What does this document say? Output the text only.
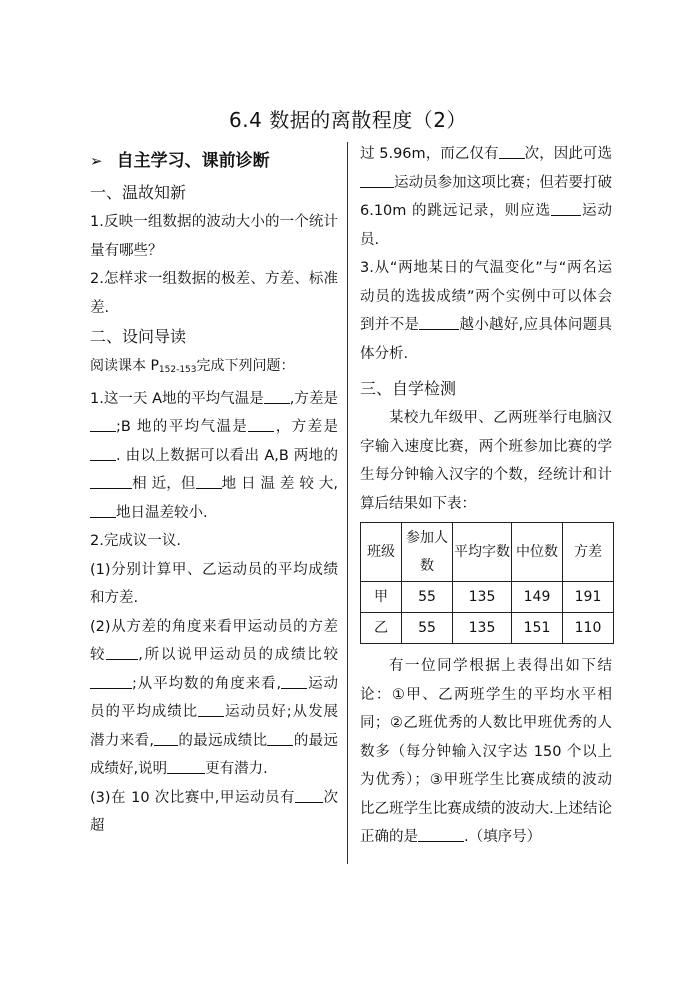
6.4 数据的离散程度（2）

➢ 自主学习、课前诊断

一、温故知新

1.反映一组数据的波动大小的一个统计量有哪些？

2.怎样求一组数据的极差、方差、标准差.

二、设问导读

阅读课本 $P_{152-153}$完成下列问题：

1.这一天 A地的平均气温是 ,方差是;B 地的平均气温是 ，方差是. 由以上数据可以看出 A,B 两地的相 近，但 地 日 温 差 较 大,地日温差较小.

2.完成议一议.

(1)分别计算甲、乙运动员的平均成绩和方差.

(2)从方差的角度来看甲运动员的方差较 ,所以说甲运动员的成绩比较;从平均数的角度来看, 运动员的平均成绩比 运动员好;从发展潜力来看, 的最远成绩比 的最远成绩好,说明	更有潜力.

(3)在 10 次比赛中,甲运动员有 次超

过 5.96m，而乙仅有 次，因此可选运动员参加这项比赛；但若要打破 6.10m 的跳远记录，则应选 运动员.

3.从“两地某日的气温变化”与“两名运动员的选拔成绩”两个实例中可以体会到并不是	越小越好,应具体问题具体分析.

三、自学检测

某校九年级甲、乙两班举行电脑汉字输入速度比赛，两个班参加比赛的学生每分钟输入汉字的个数，经统计和计算后结果如下表：

班级	参加人数	平均字数	中位数	方差
甲	55	135	149	191
乙	55	135	151	110

有一位同学根据上表得出如下结论：①甲、乙两班学生的平均水平相同；②乙班优秀的人数比甲班优秀的人数多（每分钟输入汉字达 150 个以上为优秀）；③甲班学生比赛成绩的波动比乙班学生比赛成绩的波动大.上述结论正确的是	.（填序号）
